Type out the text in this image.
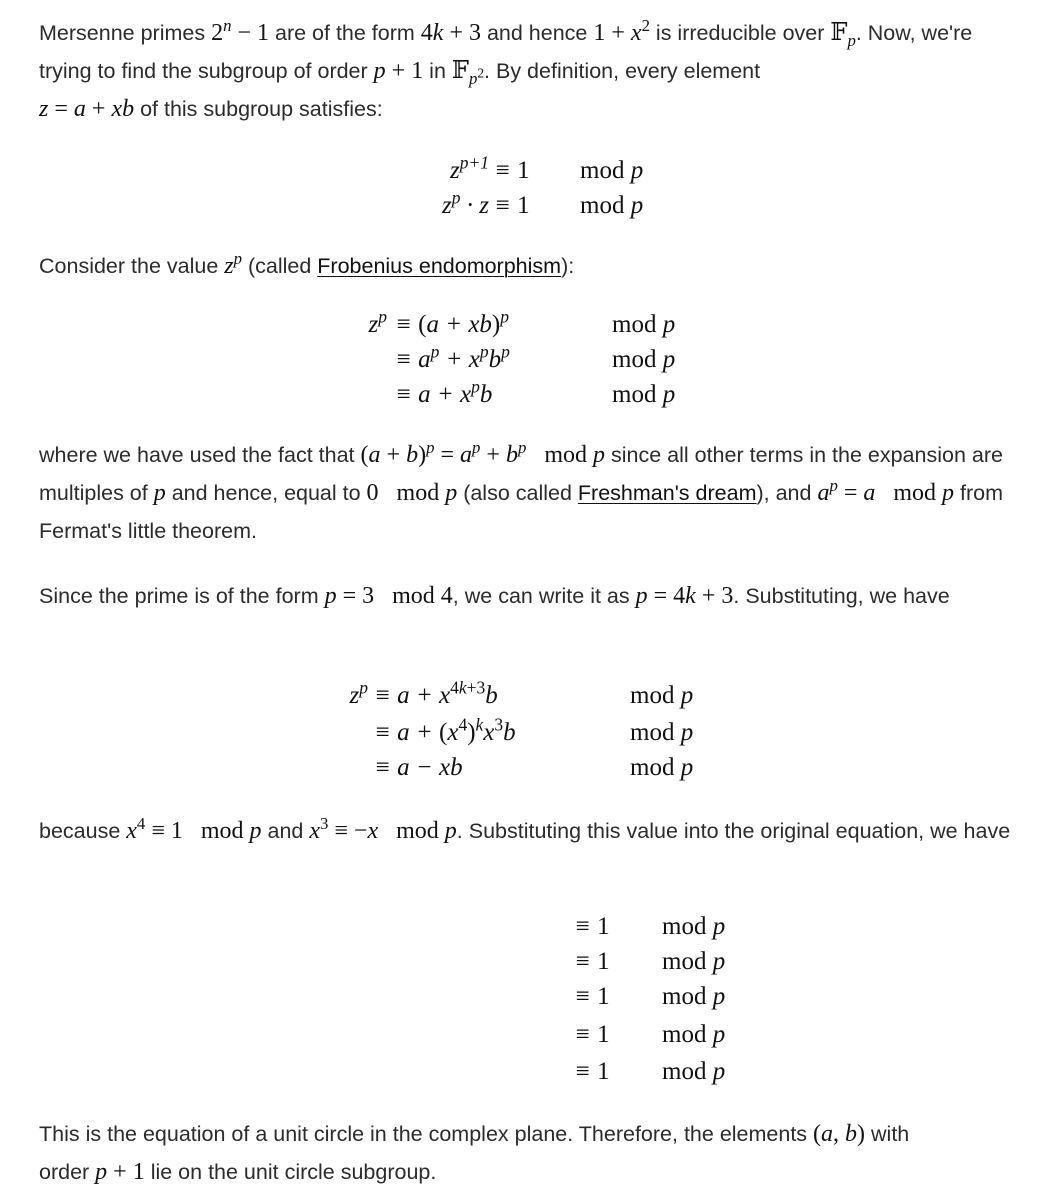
Mersenne primes $2^n - 1$ are of the form 4k + 3 and hence $1 + x^2$ is irreducible over 𝔽$_p$. Now, we're trying to find the subgroup of order p + 1 in 𝔽$_{p^2}$. By definition, every element
z = a + xb of this subgroup satisfies:

$z^{p+1} \equiv 1$ mod p
$z^p \cdot z \equiv 1$ mod p

Consider the value $z^p$ (called Frobenius endomorphism):

$z^p \equiv (a + xb)^p$	mod p
≡ $a^p + x^pb^p$	mod p
≡ $a + x^pb$	mod p

where we have used the fact that $(a + b)^p = a^p + b^p$   mod p since all other terms in the expansion are multiples of p and hence, equal to 0   mod p (also called Freshman's dream), and $a^p = a$   mod p from Fermat's little theorem.

Since the prime is of the form p = 3   mod 4, we can write it as p = 4k + 3. Substituting, we have

$z^p \equiv a + x^{4k+3}b$	mod p
≡ $a + (x^4)^kx^3b$	mod p
≡ a − xb	mod p

because $x^4 \equiv 1$   mod p and $x^3 \equiv -x$   mod p. Substituting this value into the original equation, we have

≡ 1 mod p
≡ 1 mod p
≡ 1 mod p
≡ 1 mod p
≡ 1 mod p

This is the equation of a unit circle in the complex plane. Therefore, the elements (a, b) with
order p + 1 lie on the unit circle subgroup.
